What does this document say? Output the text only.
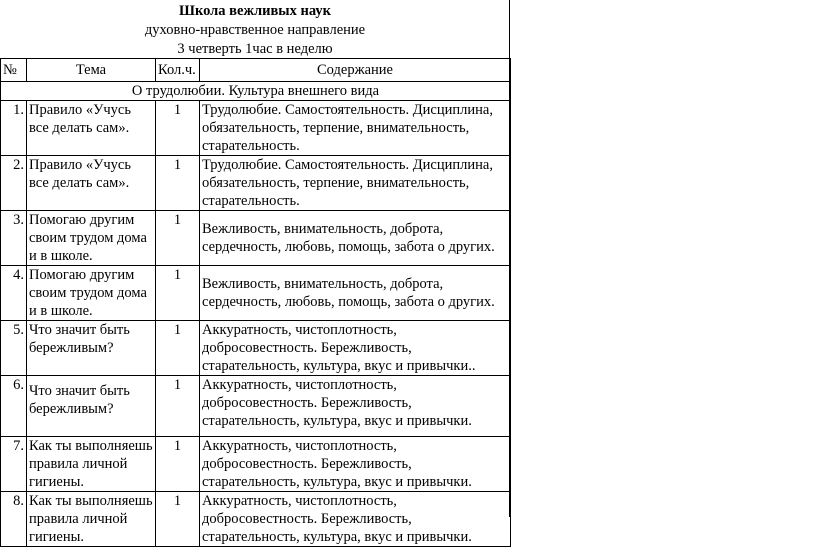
Школа вежливых наук
духовно-нравственное направление
3 четверть 1час в неделю
№	Тема	Кол.ч.	Содержание
О трудолюбии. Культура внешнего вида			
1.	Правило «Учусь все делать сам».	1	Трудолюбие. Самостоятельность. Дисциплина, обязательность, терпение, внимательность, старательность.
2.	Правило «Учусь все делать сам».	1	Трудолюбие. Самостоятельность. Дисциплина, обязательность, терпение, внимательность, старательность.
3.	Помогаю другим своим трудом дома и в школе.	1	Вежливость, внимательность, доброта, сердечность, любовь, помощь, забота о других.
4.	Помогаю другим своим трудом дома и в школе.	1	Вежливость, внимательность, доброта, сердечность, любовь, помощь, забота о других.
5.	Что значит быть бережливым?	1	Аккуратность, чистоплотность, добросовестность. Бережливость, старательность, культура, вкус и привычки..
6.	Что значит быть бережливым?	1	Аккуратность, чистоплотность, добросовестность. Бережливость, старательность, культура, вкус и привычки.
7.	Как ты выполняешь правила личной гигиены.	1	Аккуратность, чистоплотность, добросовестность. Бережливость, старательность, культура, вкус и привычки.
8.	Как ты выполняешь правила личной гигиены.	1	Аккуратность, чистоплотность, добросовестность. Бережливость, старательность, культура, вкус и привычки.
